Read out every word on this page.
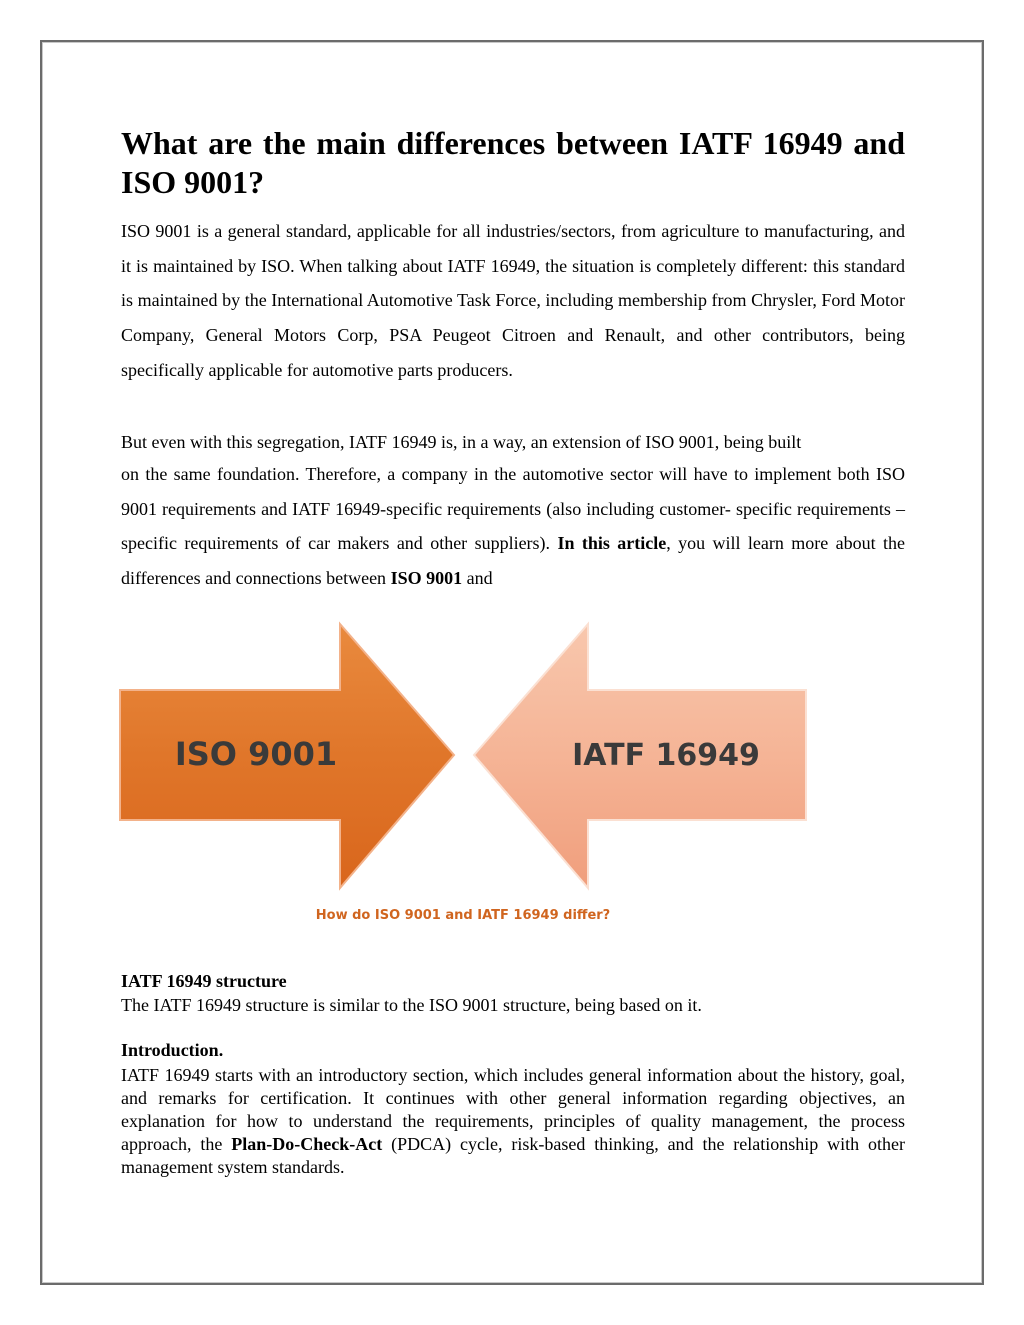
What are the main differences between IATF 16949 and ISO 9001?

ISO 9001 is a general standard, applicable for all industries/sectors, from agriculture to manufacturing, and it is maintained by ISO. When talking about IATF 16949, the situation is completely different: this standard is maintained by the International Automotive Task Force, including membership from Chrysler, Ford Motor Company, General Motors Corp, PSA Peugeot Citroen and Renault, and other contributors, being specifically applicable for automotive parts producers.

But even with this segregation, IATF 16949 is, in a way, an extension of ISO 9001, being built

on the same foundation. Therefore, a company in the automotive sector will have to implement both ISO 9001 requirements and IATF 16949-specific requirements (also including customer- specific requirements – specific requirements of car makers and other suppliers). In this article, you will learn more about the differences and connections between ISO 9001 and

ISO 9001	IATF 16949
How do ISO 9001 and IATF 16949 differ?

IATF 16949 structure

The IATF 16949 structure is similar to the ISO 9001 structure, being based on it.

Introduction.

IATF 16949 starts with an introductory section, which includes general information about the history, goal, and remarks for certification. It continues with other general information regarding objectives, an explanation for how to understand the requirements, principles of quality management, the process approach, the Plan-Do-Check-Act (PDCA) cycle, risk-based thinking, and the relationship with other management system standards.
